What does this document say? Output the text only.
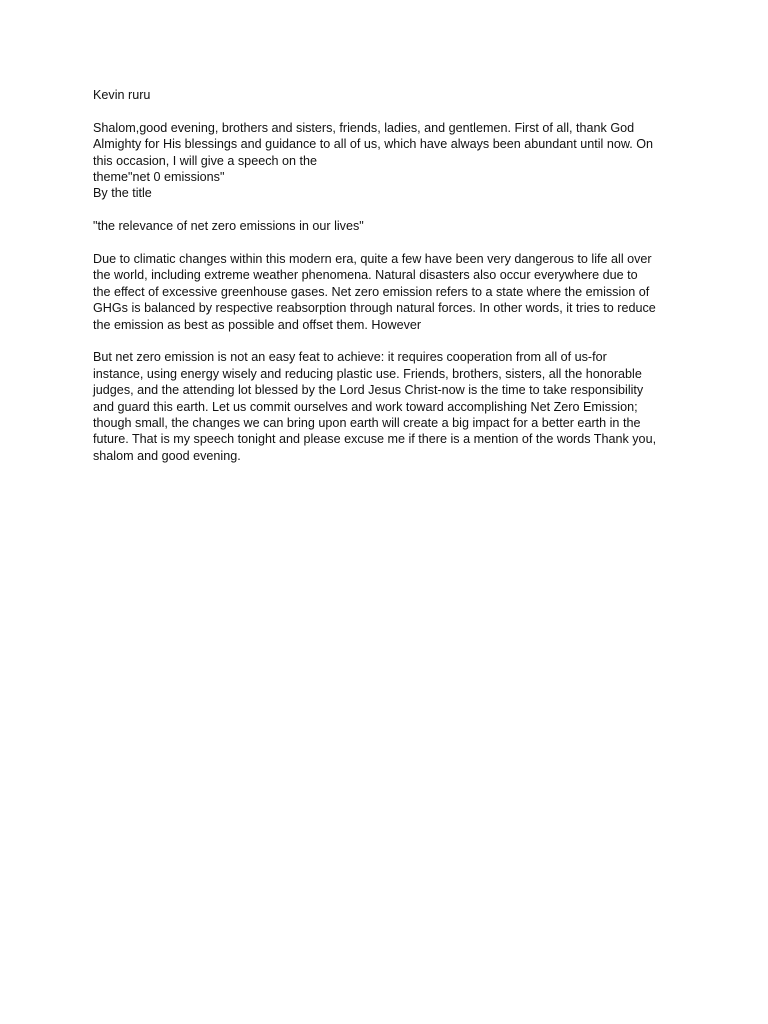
Kevin ruru

Shalom,good evening, brothers and sisters, friends, ladies, and gentlemen. First of all, thank God
Almighty for His blessings and guidance to all of us, which have always been abundant until now. On
this occasion, I will give a speech on the
theme"net 0 emissions"
By the title

"the relevance of net zero emissions in our lives"

Due to climatic changes within this modern era, quite a few have been very dangerous to life all over
the world, including extreme weather phenomena. Natural disasters also occur everywhere due to
the effect of excessive greenhouse gases. Net zero emission refers to a state where the emission of
GHGs is balanced by respective reabsorption through natural forces. In other words, it tries to reduce
the emission as best as possible and offset them. However

But net zero emission is not an easy feat to achieve: it requires cooperation from all of us-for
instance, using energy wisely and reducing plastic use. Friends, brothers, sisters, all the honorable
judges, and the attending lot blessed by the Lord Jesus Christ-now is the time to take responsibility
and guard this earth. Let us commit ourselves and work toward accomplishing Net Zero Emission;
though small, the changes we can bring upon earth will create a big impact for a better earth in the
future. That is my speech tonight and please excuse me if there is a mention of the words Thank you,
shalom and good evening.
